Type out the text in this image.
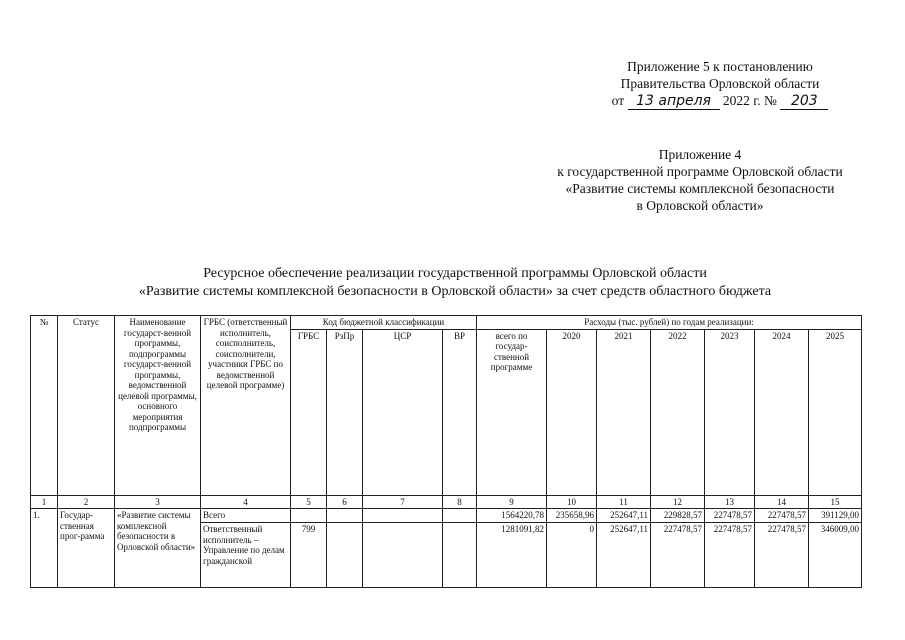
Приложение 5 к постановлению
Правительства Орловской области
от 13 апреля 2022 г. № 203
Приложение 4
к государственной программе Орловской области
«Развитие системы комплексной безопасности
в Орловской области»
Ресурсное обеспечение реализации государственной программы Орловской области
«Развитие системы комплексной безопасности в Орловской области» за счет средств областного бюджета
№	Статус	Наименование государст-венной программы, подпрограммы государст-венной программы, ведомственной целевой программы, основного мероприятия подпрограммы	ГРБС (ответственный исполнитель, соисполнитель, соисполнители, участники ГРБС по ведомственной целевой программе)	Код бюджетной классификации				Расходы (тыс. рублей) по годам реализации:						
				ГРБС	РзПр	ЦСР	ВР	всего по государ-ственной программе	2020	2021	2022	2023	2024	2025
1	2	3	4	5	6	7	8	9	10	11	12	13	14	15
1.	Государ-ственная прог-рамма	«Развитие системы комплексной безопасности в Орловской области»	Всего					1564220,78	235658,96	252647,11	229828,57	227478,57	227478,57	391129,00
			Ответственный исполнитель – Управление по делам гражданской	799				1281091,82	0	252647,11	227478,57	227478,57	227478,57	346009,00
